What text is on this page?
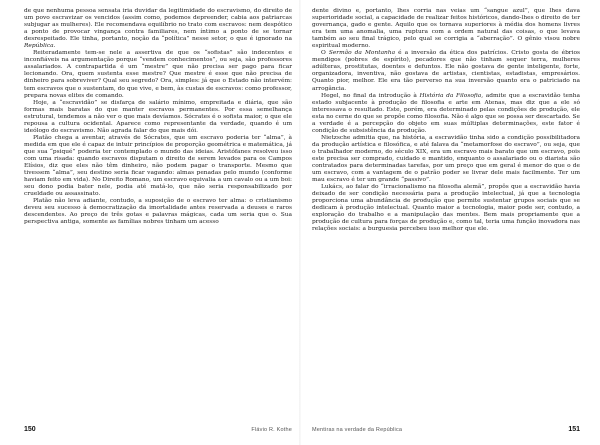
de que nenhuma pessoa sensata iria duvidar da legitimidade do escravismo, do direito de um povo escravizar os vencidos (assim como, podemos depreender, cabia aos patriarcas subjugar as mulheres). Ele recomendava equilíbrio no trato com escravos: nem despótico a ponto de provocar vingança contra familiares, nem íntimo a ponto de se tornar desrespeitado. Ele tinha, portanto, noção da “política” nesse setor, o que é ignorado na República.

Reiteradamente tem-se nele a assertiva de que os “sofistas” são indecentes e inconfiáveis na argumentação porque “vendem conhecimentos”, ou seja, são professores assalariados. A contrapartida é um “mestre” que não precisa ser pago para ficar lecionando. Ora, quem sustenta esse mestre? Que mestre é esse que não precisa de dinheiro para sobreviver? Qual seu segredo? Ora, simples: já que o Estado não intervém: tem escravos que o sustentam, do que vive, e bem, às custas de escravos: como professor, prepara novas elites de comando.

Hoje, a “escravidão” se disfarça de salário mínimo, empreitada e diária, que são formas mais baratas do que manter escravos permanentes. Por essa semelhança estrutural, tendemos a não ver o que mais devíamos. Sócrates é o sofista maior, o que ele repousa a cultura ocidental. Aparece como representante da verdade, quando é um ideólogo do escravismo. Não agrada falar do que mais dói.

Platão chega a aventar, através de Sócrates, que um escravo poderia ter “alma”, à medida em que ele é capaz de intuir princípios de proporção geométrica e matemática, já que sua “psiqué” poderia ter contemplado o mundo das ideias. Aristófanes resolveu isso com uma risada: quando escravos disputam o direito de serem levados para os Campos Elísios, diz que eles não têm dinheiro, não podem pagar o transporte. Mesmo que tivessem “alma”, seu destino seria ficar vagando: almas penadas pelo mundo (conforme haviam feito em vida). No Direito Romano, um escravo equivalia a um cavalo ou a um boi: seu dono podia bater nele, podia até matá-lo, que não seria responsabilizado por crueldade ou assassinato.

Platão não leva adiante, contudo, a suposição de o escravo ter alma: o cristianismo deveu seu sucesso à democratização da imortalidade antes reservada a deuses e raros descendentes. Ao preço de três gotas e palavras mágicas, cada um seria que o. Sua perspectiva antiga, somente as famílias nobres tinham um acesso

150	Flávio R. Kothe

dente divino e, portanto, lhes corria nas veias um “sangue azul”, que lhes dava superioridade social, a capacidade de realizar feitos históricos, dando-lhes o direito de ter governança, gado e gente. Aquilo que os tornava superiores à média dos homens livres era tem uma anomalia, uma ruptura com a ordem natural das coisas, o que levava também ao seu final trágico, pelo qual se corrigia a “aberração”. O gênio visou nobre espiritual moderno.

O Sermão da Montanha é a inversão da ética dos patrícios. Cristo gosta de ébrios mendigos (pobres de espírito), pecadores que não tinham sequer terra, mulheres adúlteras, prostitutas, doentes e defuntos. Ele não gostava de gente inteligente, forte, organizadora, inventiva, não gostava de artistas, cientistas, estadistas, empresários. Quanto pior, melhor. Ele era tão perverso na sua inversão quanto era o patriciado na arrogância.

Hegel, no final da introdução à História da Filosofia, admite que a escravidão tenha estado subjacente à produção de filosofia e arte em Atenas, mas diz que a ele só interessava o resultado. Este, porém, era determinado pelas condições de produção, ele esta no cerne do que se propõe como filosofia. Não é algo que se possa ser descartado. Se a verdade é a percepção do objeto em suas múltiplas determinações, este fator é condição de subsistência da produção.

Nietzsche admitia que, na história, a escravidão tinha sido a condição possibilitadora da produção artística e filosófica, e até falava da “metamorfose do escravo”, ou seja, que o trabalhador moderno, do século XIX, era um escravo mais barato que um escravo, pois este precisa ser comprado, cuidado e mantido, enquanto o assalariado ou o diarista são contratados para determinadas tarefas, por um preço que em geral é menor do que o de um escravo, com a vantagem de o patrão poder se livrar dele mais facilmente. Ter um mau escravo é ter um grande “passivo”.

Lukács, ao falar do “irracionalismo na filosofia alemã”, propôs que a escravidão havia deixado de ser condição necessária para a produção intelectual, já que a tecnologia proporciona uma abundância de produção que permite sustentar grupos sociais que se dedicam à produção intelectual. Quanto maior a tecnologia, maior pode ser, contudo, a exploração do trabalho e a manipulação das mentes. Bem mais propriamente que a produção de cultura para forças de produção e, como tal, teria uma função inovadora nas relações sociais: a burguesia percebeu isso melhor que ele.

Mentiras na verdade da República	151
